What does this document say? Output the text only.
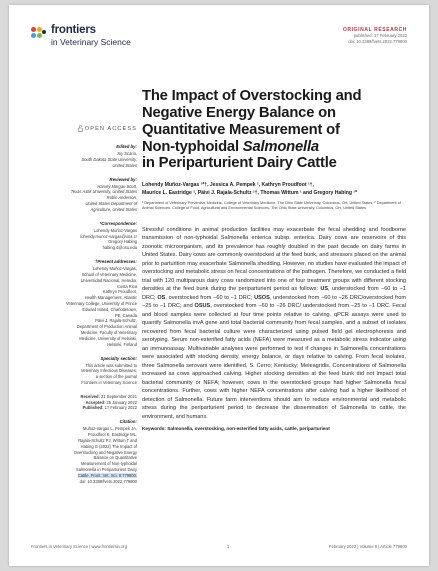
frontiers
in Veterinary Science
ORIGINAL RESEARCH
published: 17 February 2022
doi: 10.3389/fvets.2022.779800
OPEN ACCESS
Edited by:
Joy Scaria,
South Dakota State University,
United States
Reviewed by:
Harvey Morgan Scott,
Texas A&M University, United States
Robin Anderson,
United States Department of
Agriculture, United States
*Correspondence:
Lohendy Muñoz-Vargas
lohendy.munoz-vargas@una.cr
Gregory Habing
habing.4@osu.edu
†Present addresses:
Lohendy Muñoz-Vargas,
School of Veterinary Medicine,
Universidad Nacional, Heredia,
Costa Rica
Kathryn Proudfoot,
Health Management, Atlantic
Veterinary College, University of Prince
Edward Island, Charlottetown,
PE, Canada
Päivi J. Rajala-Schultz,
Department of Production Animal
Medicine, Faculty of Veterinary
Medicine, University of Helsinki,
Helsinki, Finland
Specialty section:
This article was submitted to
Veterinary Infectious Diseases,
a section of the journal
Frontiers in Veterinary Science
Received: 21 September 2021
Accepted: 25 January 2022
Published: 17 February 2022
Citation:
Muñoz-Vargas L, Pempek JA,
Proudfoot K, Eastridge ML,
Rajala-Schultz PJ, Wittum T and
Habing G (2022) The Impact of
Overstocking and Negative Energy
Balance on Quantitative
Measurement of Non-typhoidal
Salmonella in Periparturient Dairy
Cattle. Front. Vet. Sci. 9:779800.
doi: 10.3389/fvets.2022.779800
The Impact of Overstocking and
Negative Energy Balance on
Quantitative Measurement of
Non-typhoidal Salmonella
in Periparturient Dairy Cattle
Lohendy Muñoz-Vargas ¹*†, Jessica A. Pempek ¹, Kathryn Proudfoot ¹†,
Maurice L. Eastridge ², Päivi J. Rajala-Schultz ¹†, Thomas Wittum ¹ and Gregory Habing ¹*
¹ Department of Veterinary Preventive Medicine, College of Veterinary Medicine, The Ohio State University, Columbus, OH, United States, ² Department of Animal Sciences, College of Food, Agricultural and Environmental Sciences, The Ohio State University, Columbus, OH, United States
Stressful conditions in animal production facilities may exacerbate the fecal shedding and foodborne transmission of non-typhoidal Salmonella enterica subsp. enterica. Dairy cows are reservoirs of this zoonotic microorganism, and its prevalence has roughly doubled in the past decade on dairy farms in United States. Dairy cows are commonly overstocked at the feed bunk, and stressors placed on the animal prior to parturition may exacerbate Salmonella shedding. However, no studies have evaluated the impact of overstocking and metabolic stress on fecal concentrations of the pathogen. Therefore, we conducted a field trial with 120 multiparous dairy cows randomized into one of four treatment groups with different stocking densities at the feed bunk during the periparturient period as follows: US, understocked from −60 to −1 DRC; OS, overstocked from −60 to −1 DRC; USOS, understocked from −60 to −26 DRC/overstocked from −25 to −1 DRC; and OSUS, overstocked from −60 to −26 DRC/ understocked from −25 to −1 DRC. Fecal and blood samples were collected at four time points relative to calving. qPCR assays were used to quantify Salmonella invA gene and total bacterial community from fecal samples, and a subset of isolates recovered from fecal bacterial culture were characterized using pulsed field gel electrophoresis and serotyping. Serum non-esterified fatty acids (NEFA) were measured as a metabolic stress indicator using an immunoassay. Multivariable analyses were performed to test if changes in Salmonella concentrations were associated with stocking density, energy balance, or days relative to calving. From fecal isolates, three Salmonella serovars were identified, S. Cerro; Kentucky; Meleagridis. Concentrations of Salmonella increased as cows approached calving. Higher stocking densities at the feed bunk did not impact total bacterial community or NEFA; however, cows in the overstocked groups had higher Salmonella fecal concentrations. Further, cows with higher NEFA concentrations after calving had a higher likelihood of detection of Salmonella. Future farm interventions should aim to reduce environmental and metabolic stress during the periparturient period to decrease the dissemination of Salmonella to cattle, the environment, and humans.
Keywords: Salmonella, overstocking, non-esterified fatty acids, cattle, periparturient
Frontiers in Veterinary Science | www.frontiersin.org	1	February 2022 | Volume 9 | Article 779800
